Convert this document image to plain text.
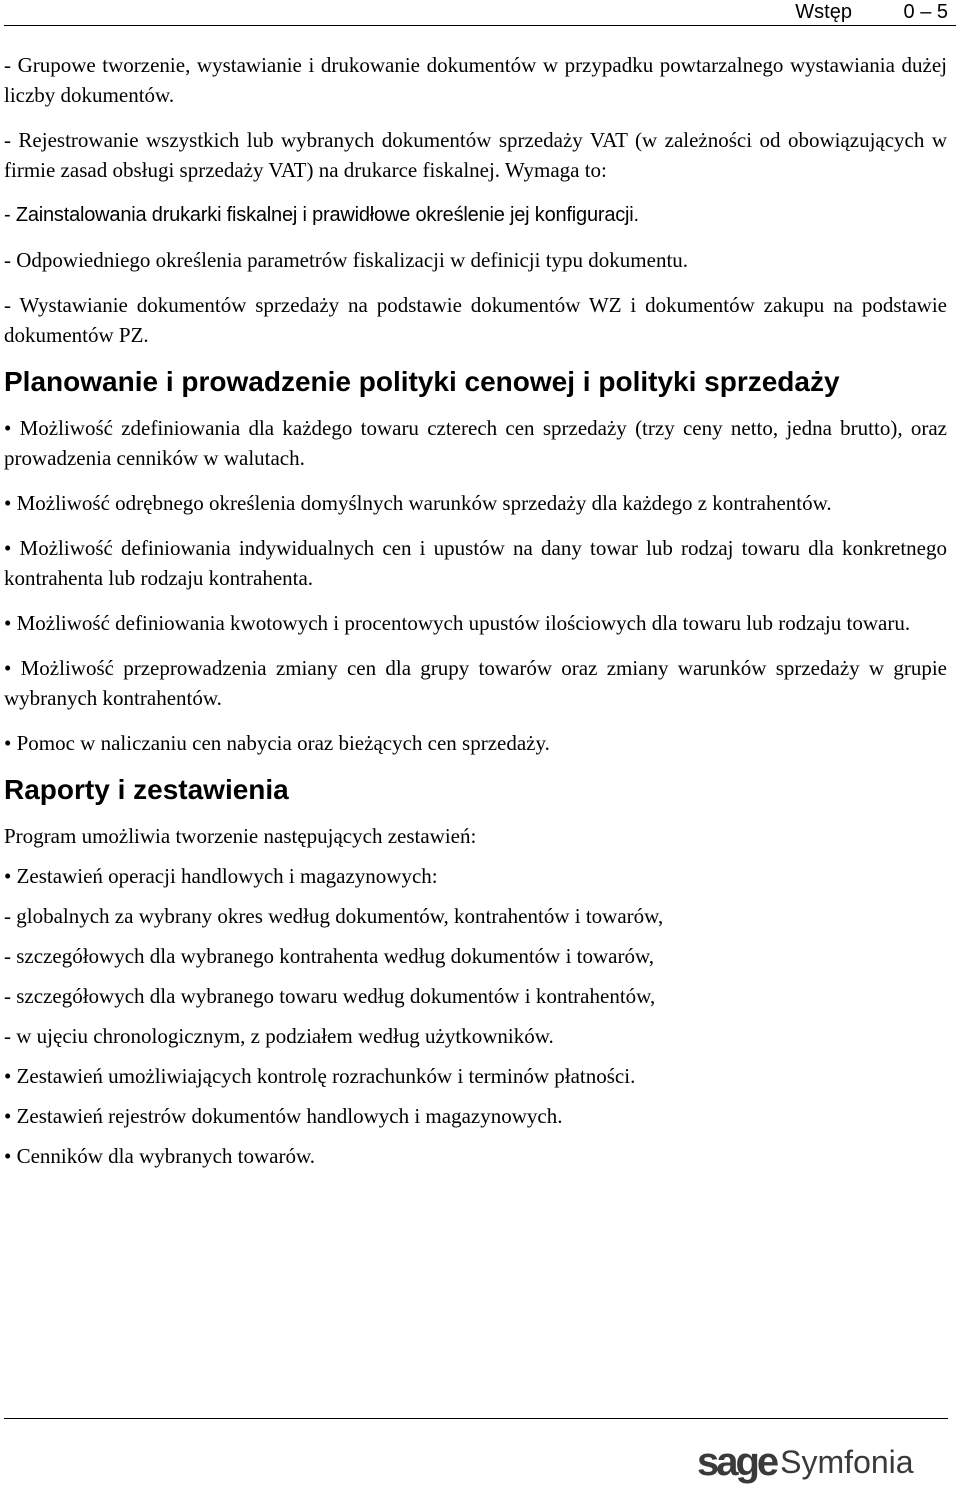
Wstęp	0 – 5

- Grupowe tworzenie, wystawianie i drukowanie dokumentów w przypadku powtarzalnego wystawiania dużej liczby dokumentów.

- Rejestrowanie wszystkich lub wybranych dokumentów sprzedaży VAT (w zależności od obowiązujących w firmie zasad obsługi sprzedaży VAT) na drukarce fiskalnej. Wymaga to:

- Zainstalowania drukarki fiskalnej i prawidłowe określenie jej konfiguracji.

- Odpowiedniego określenia parametrów fiskalizacji w definicji typu dokumentu.

- Wystawianie dokumentów sprzedaży na podstawie dokumentów WZ i dokumentów zakupu na podstawie dokumentów PZ.

Planowanie i prowadzenie polityki cenowej i polityki sprzedaży

• Możliwość zdefiniowania dla każdego towaru czterech cen sprzedaży (trzy ceny netto, jedna brutto), oraz prowadzenia cenników w walutach.

• Możliwość odrębnego określenia domyślnych warunków sprzedaży dla każdego z kontrahentów.

• Możliwość definiowania indywidualnych cen i upustów na dany towar lub rodzaj towaru dla konkretnego kontrahenta lub rodzaju kontrahenta.

• Możliwość definiowania kwotowych i procentowych upustów ilościowych dla towaru lub rodzaju towaru.

• Możliwość przeprowadzenia zmiany cen dla grupy towarów oraz zmiany warunków sprzedaży w grupie wybranych kontrahentów.

• Pomoc w naliczaniu cen nabycia oraz bieżących cen sprzedaży.

Raporty i zestawienia

Program umożliwia tworzenie następujących zestawień:

• Zestawień operacji handlowych i magazynowych:

- globalnych za wybrany okres według dokumentów, kontrahentów i towarów,

- szczegółowych dla wybranego kontrahenta według dokumentów i towarów,

- szczegółowych dla wybranego towaru według dokumentów i kontrahentów,

- w ujęciu chronologicznym, z podziałem według użytkowników.

• Zestawień umożliwiających kontrolę rozrachunków i terminów płatności.

• Zestawień rejestrów dokumentów handlowych i magazynowych.

• Cenników dla wybranych towarów.

sage Symfonia
